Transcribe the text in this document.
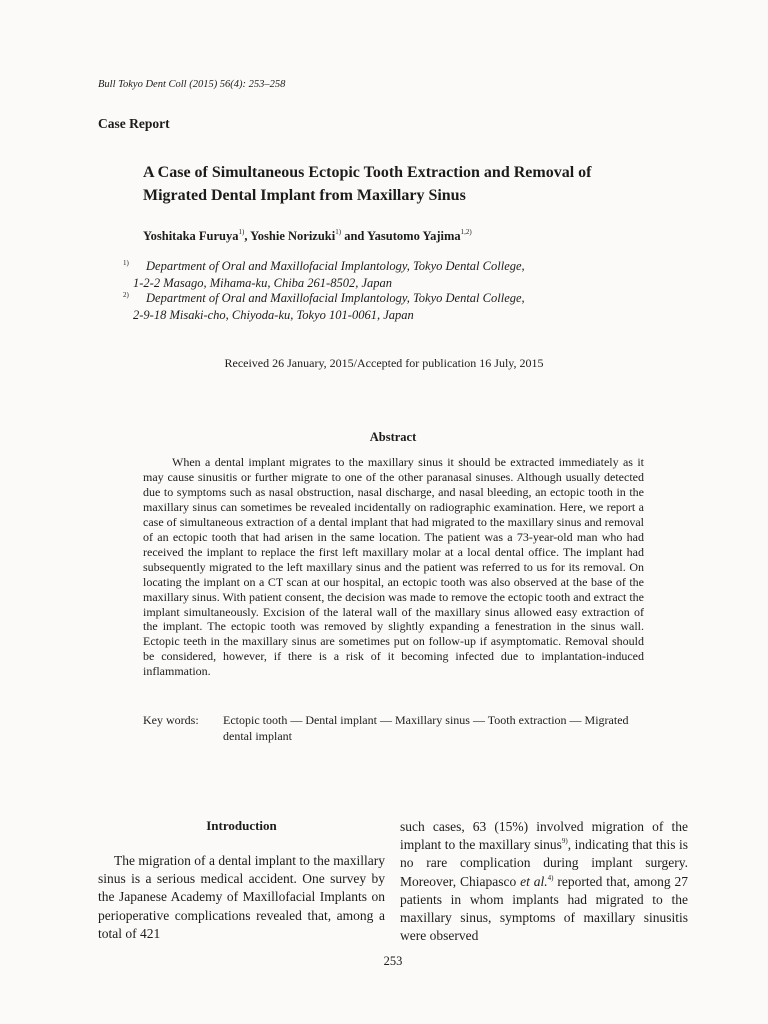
Bull Tokyo Dent Coll (2015) 56(4): 253–258
Case Report
A Case of Simultaneous Ectopic Tooth Extraction and Removal of Migrated Dental Implant from Maxillary Sinus
Yoshitaka Furuya$^{1)}$, Yoshie Norizuki$^{1)}$ and Yasutomo Yajima$^{1,2)}$
1) Department of Oral and Maxillofacial Implantology, Tokyo Dental College,
1-2-2 Masago, Mihama-ku, Chiba 261-8502, Japan
2) Department of Oral and Maxillofacial Implantology, Tokyo Dental College,
2-9-18 Misaki-cho, Chiyoda-ku, Tokyo 101-0061, Japan
Received 26 January, 2015/Accepted for publication 16 July, 2015
Abstract
When a dental implant migrates to the maxillary sinus it should be extracted immediately as it may cause sinusitis or further migrate to one of the other paranasal sinuses. Although usually detected due to symptoms such as nasal obstruction, nasal discharge, and nasal bleeding, an ectopic tooth in the maxillary sinus can sometimes be revealed incidentally on radiographic examination. Here, we report a case of simultaneous extraction of a dental implant that had migrated to the maxillary sinus and removal of an ectopic tooth that had arisen in the same location. The patient was a 73-year-old man who had received the implant to replace the first left maxillary molar at a local dental office. The implant had subsequently migrated to the left maxillary sinus and the patient was referred to us for its removal. On locating the implant on a CT scan at our hospital, an ectopic tooth was also observed at the base of the maxillary sinus. With patient consent, the decision was made to remove the ectopic tooth and extract the implant simultaneously. Excision of the lateral wall of the maxillary sinus allowed easy extraction of the implant. The ectopic tooth was removed by slightly expanding a fenestration in the sinus wall. Ectopic teeth in the maxillary sinus are sometimes put on follow-up if asymptomatic. Removal should be considered, however, if there is a risk of it becoming infected due to implantation-induced inflammation.
Key words: Ectopic tooth — Dental implant — Maxillary sinus — Tooth extraction — Migrated dental implant
Introduction
The migration of a dental implant to the maxillary sinus is a serious medical accident. One survey by the Japanese Academy of Maxillofacial Implants on perioperative complications revealed that, among a total of 421
such cases, 63 (15%) involved migration of the implant to the maxillary sinus$^{9)}$, indicating that this is no rare complication during implant surgery. Moreover, Chiapasco et al.$^{4)}$ reported that, among 27 patients in whom implants had migrated to the maxillary sinus, symptoms of maxillary sinusitis were observed
253
